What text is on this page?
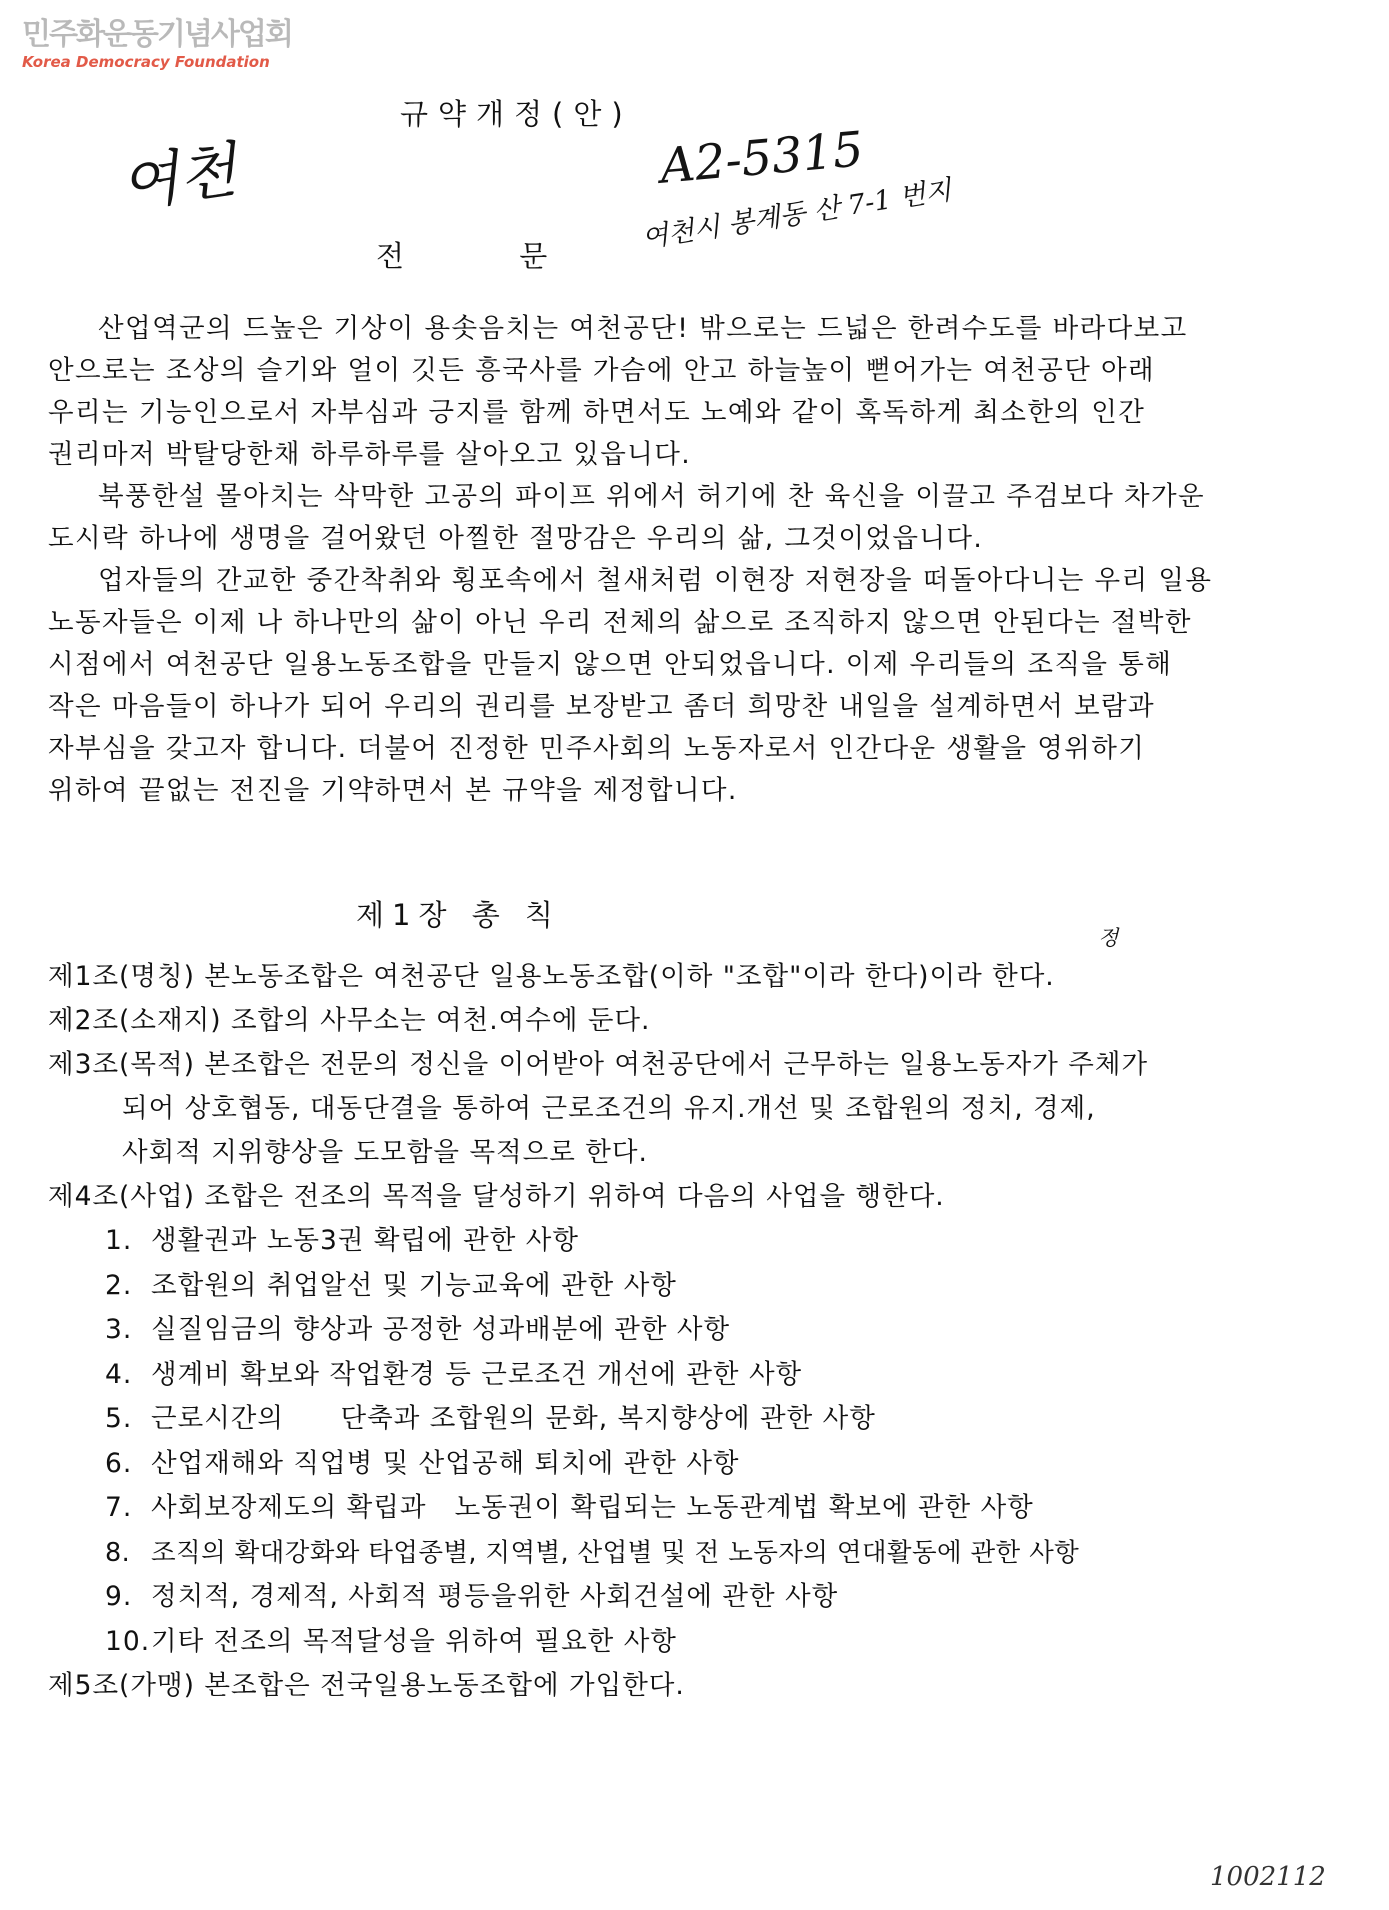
민주화운동기념사업회
Korea Democracy Foundation
규약개정(안)
여천	A2-5315
여천시 봉계동 산 7-1 번지
전 문
산업역군의 드높은 기상이 용솟음치는 여천공단! 밖으로는 드넓은 한려수도를 바라다보고
안으로는 조상의 슬기와 얼이 깃든 흥국사를 가슴에 안고 하늘높이 뻗어가는 여천공단 아래
우리는 기능인으로서 자부심과 긍지를 함께 하면서도 노예와 같이 혹독하게 최소한의 인간
권리마저 박탈당한채 하루하루를 살아오고 있읍니다.
북풍한설 몰아치는 삭막한 고공의 파이프 위에서 허기에 찬 육신을 이끌고 주검보다 차가운
도시락 하나에 생명을 걸어왔던 아찔한 절망감은 우리의 삶, 그것이었읍니다.
업자들의 간교한 중간착취와 횡포속에서 철새처럼 이현장 저현장을 떠돌아다니는 우리 일용
노동자들은 이제 나 하나만의 삶이 아닌 우리 전체의 삶으로 조직하지 않으면 안된다는 절박한
시점에서 여천공단 일용노동조합을 만들지 않으면 안되었읍니다. 이제 우리들의 조직을 통해
작은 마음들이 하나가 되어 우리의 권리를 보장받고 좀더 희망찬 내일을 설계하면서 보람과
자부심을 갖고자 합니다. 더불어 진정한 민주사회의 노동자로서 인간다운 생활을 영위하기
위하여 끝없는 전진을 기약하면서 본 규약을 제정합니다.
제1장 총 칙
정
제1조(명칭) 본노동조합은 여천공단 일용노동조합(이하 "조합"이라 한다)이라 한다.
제2조(소재지) 조합의 사무소는 여천.여수에 둔다.
제3조(목적) 본조합은 전문의 정신을 이어받아 여천공단에서 근무하는 일용노동자가 주체가
되어 상호협동, 대동단결을 통하여 근로조건의 유지.개선 및 조합원의 정치, 경제,
사회적 지위향상을 도모함을 목적으로 한다.
제4조(사업) 조합은 전조의 목적을 달성하기 위하여 다음의 사업을 행한다.
1. 생활권과 노동3권 확립에 관한 사항
2. 조합원의 취업알선 및 기능교육에 관한 사항
3. 실질임금의 향상과 공정한 성과배분에 관한 사항
4. 생계비 확보와 작업환경 등 근로조건 개선에 관한 사항
5. 근로시간의      단축과 조합원의 문화, 복지향상에 관한 사항
6. 산업재해와 직업병 및 산업공해 퇴치에 관한 사항
7. 사회보장제도의 확립과   노동권이 확립되는 노동관계법 확보에 관한 사항
8. 조직의 확대강화와 타업종별, 지역별, 산업별 및 전 노동자의 연대활동에 관한 사항
9. 정치적, 경제적, 사회적 평등을위한 사회건설에 관한 사항
10.기타 전조의 목적달성을 위하여 필요한 사항
제5조(가맹) 본조합은 전국일용노동조합에 가입한다.
1002112
